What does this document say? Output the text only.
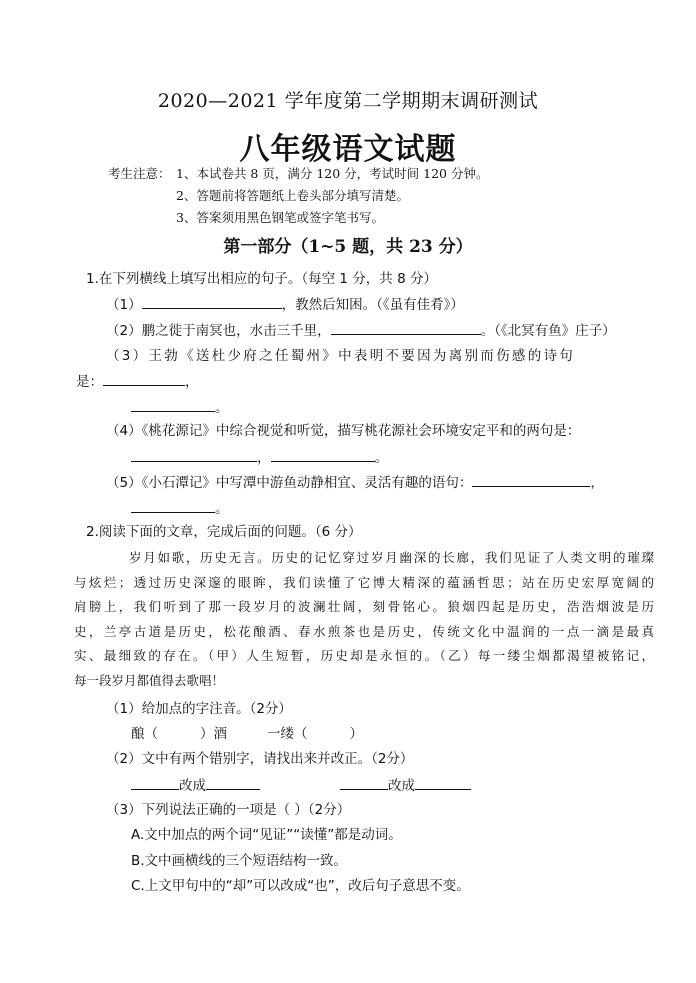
2020—2021 学年度第二学期期末调研测试
八年级语文试题
考生注意： 1、本试卷共 8 页，满分 120 分，考试时间 120 分钟。
2、答题前将答题纸上卷头部分填写清楚。
3、答案须用黑色钢笔或签字笔书写。
第一部分（1~5 题，共 23 分）
1.在下列横线上填写出相应的句子。（每空 1 分，共 8 分）
（1）	，教然后知困。（《虽有佳肴》）
（2）鹏之徙于南冥也，水击三千里，	。（《北冥有鱼》庄子）
（3）王勃《送杜少府之任蜀州》中表明不要因为离别而伤感的诗句
是：	，
。
（4）《桃花源记》中综合视觉和听觉，描写桃花源社会环境安定平和的两句是：
，	。
（5）《小石潭记》中写潭中游鱼动静相宜、灵活有趣的语句：	，
。
2.阅读下面的文章，完成后面的问题。（6 分）
岁月如歌，历史无言。历史的记忆穿过岁月幽深的长廊，我们见证了人类文明的璀璨
与炫烂；透过历史深邃的眼眸，我们读懂了它博大精深的蕴涵哲思；站在历史宏厚宽阔的
肩膀上，我们听到了那一段岁月的波澜壮阔，刻骨铭心。狼烟四起是历史，浩浩烟波是历
史，兰亭古道是历史，松花酿酒、春水煎茶也是历史，传统文化中温润的一点一滴是最真
实、最细致的存在。（甲）人生短暂，历史却是永恒的。（乙）每一缕尘烟都渴望被铭记，
每一段岁月都值得去歌唱！
（1）给加点的字注音。（2分）
酿（	）酒	一缕（	）
（2）文中有两个错别字，请找出来并改正。（2分）
改成	改成
（3）下列说法正确的一项是（ ）（2分）
A.文中加点的两个词“见证”“读懂”都是动词。
B.文中画横线的三个短语结构一致。
C.上文甲句中的“却”可以改成“也”，改后句子意思不变。
